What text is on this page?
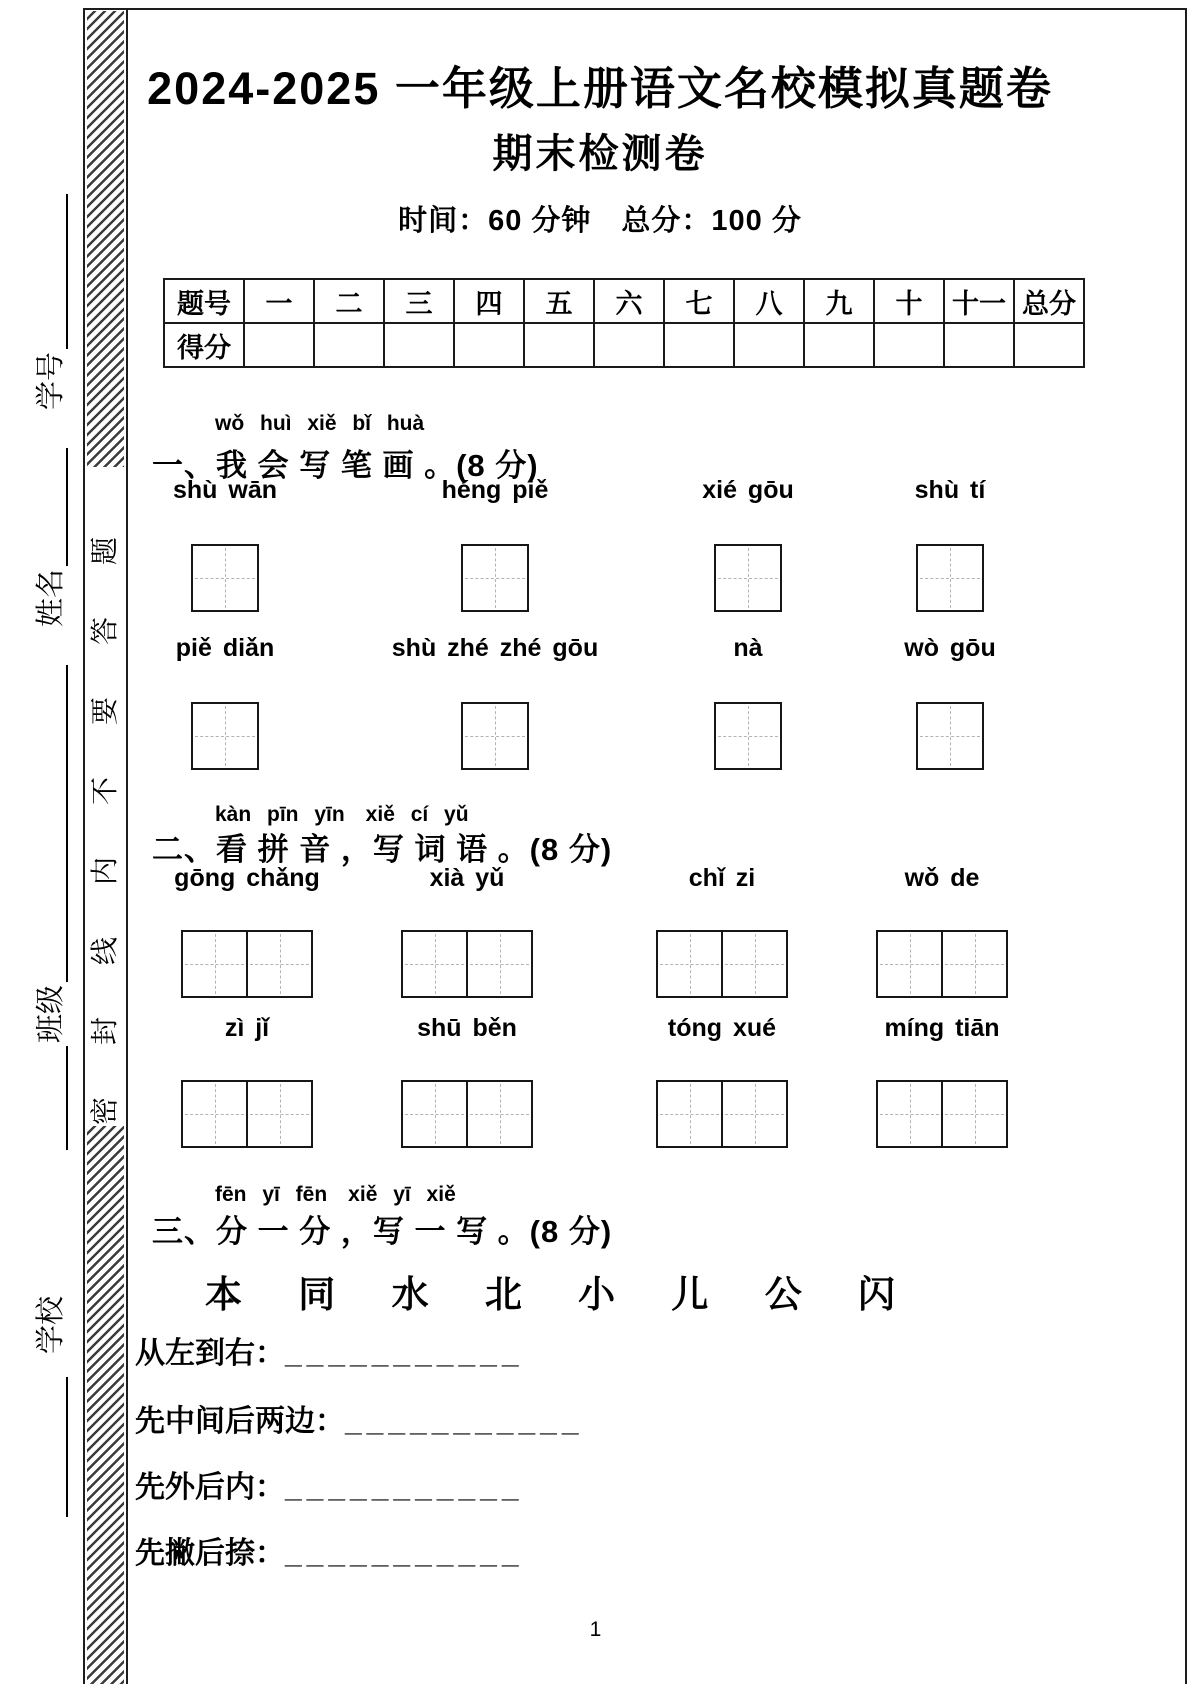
密封线内不要答题
学校
班级
姓名
学号
2024-2025 一年级上册语文名校模拟真题卷
期末检测卷
时间：60 分钟　总分：100 分
题号	一	二	三	四	五	六	七	八	九	十	十一	总分
得分												
wǒ huì xiě bǐ huà
一、我 会 写 笔 画 。(8 分)
shù wān	héng piě	xié gōu	shù tí
piě diǎn	shù zhé zhé gōu	nà	wò gōu
kàn pīn yīn　xiě cí yǔ
二、看 拼 音 ，写 词 语 。(8 分)
gōng chǎng	xià yǔ	chǐ zi	wǒ de
zì jǐ	shū běn	tóng xué	míng tiān
fēn yī fēn　xiě yī xiě
三、分 一 分 ，写 一 写 。(8 分)
本 同 水 北 小 儿 公 闪
从左到右：___________
先中间后两边：___________
先外后内：___________
先撇后捺：___________
1
